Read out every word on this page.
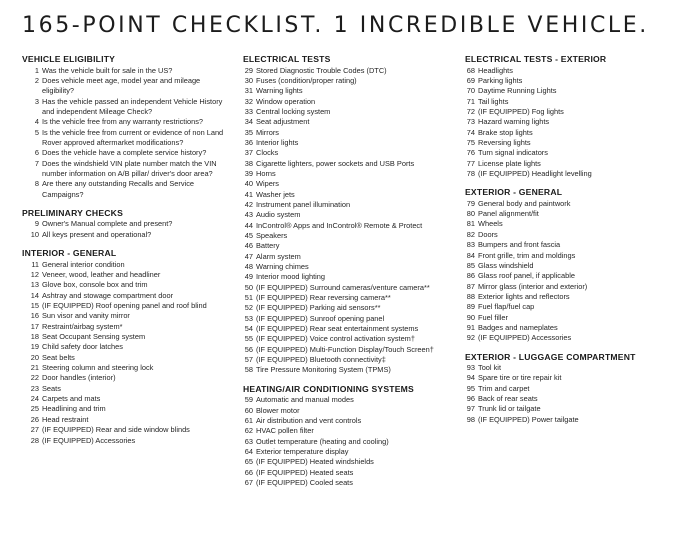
165-POINT CHECKLIST. 1 INCREDIBLE VEHICLE.
VEHICLE ELIGIBILITY
1 Was the vehicle built for sale in the US?
2 Does vehicle meet age, model year and mileage eligibility?
3 Has the vehicle passed an independent Vehicle History and independent Mileage Check?
4 Is the vehicle free from any warranty restrictions?
5 Is the vehicle free from current or evidence of non Land Rover approved aftermarket modifications?
6 Does the vehicle have a complete service history?
7 Does the windshield VIN plate number match the VIN number information on A/B pillar/ driver's door area?
8 Are there any outstanding Recalls and Service Campaigns?
PRELIMINARY CHECKS
9 Owner's Manual complete and present?
10 All keys present and operational?
INTERIOR - GENERAL
11 General interior condition
12 Veneer, wood, leather and headliner
13 Glove box, console box and trim
14 Ashtray and stowage compartment door
15 (IF EQUIPPED) Roof opening panel and roof blind
16 Sun visor and vanity mirror
17 Restraint/airbag system*
18 Seat Occupant Sensing system
19 Child safety door latches
20 Seat belts
21 Steering column and steering lock
22 Door handles (interior)
23 Seats
24 Carpets and mats
25 Headlining and trim
26 Head restraint
27 (IF EQUIPPED) Rear and side window blinds
28 (IF EQUIPPED) Accessories
ELECTRICAL TESTS
29 Stored Diagnostic Trouble Codes (DTC)
30 Fuses (condition/proper rating)
31 Warning lights
32 Window operation
33 Central locking system
34 Seat adjustment
35 Mirrors
36 Interior lights
37 Clocks
38 Cigarette lighters, power sockets and USB Ports
39 Horns
40 Wipers
41 Washer jets
42 Instrument panel illumination
43 Audio system
44 InControl® Apps and InControl® Remote & Protect
45 Speakers
46 Battery
47 Alarm system
48 Warning chimes
49 Interior mood lighting
50 (IF EQUIPPED) Surround cameras/venture camera**
51 (IF EQUIPPED) Rear reversing camera**
52 (IF EQUIPPED) Parking aid sensors**
53 (IF EQUIPPED) Sunroof opening panel
54 (IF EQUIPPED) Rear seat entertainment systems
55 (IF EQUIPPED) Voice control activation system†
56 (IF EQUIPPED) Multi-Function Display/Touch Screen†
57 (IF EQUIPPED) Bluetooth connectivity‡
58 Tire Pressure Monitoring System (TPMS)
HEATING/AIR CONDITIONING SYSTEMS
59 Automatic and manual modes
60 Blower motor
61 Air distribution and vent controls
62 HVAC pollen filter
63 Outlet temperature (heating and cooling)
64 Exterior temperature display
65 (IF EQUIPPED) Heated windshields
66 (IF EQUIPPED) Heated seats
67 (IF EQUIPPED) Cooled seats
ELECTRICAL TESTS - EXTERIOR
68 Headlights
69 Parking lights
70 Daytime Running Lights
71 Tail lights
72 (IF EQUIPPED) Fog lights
73 Hazard warning lights
74 Brake stop lights
75 Reversing lights
76 Turn signal indicators
77 License plate lights
78 (IF EQUIPPED) Headlight levelling
EXTERIOR - GENERAL
79 General body and paintwork
80 Panel alignment/fit
81 Wheels
82 Doors
83 Bumpers and front fascia
84 Front grille, trim and moldings
85 Glass windshield
86 Glass roof panel, if applicable
87 Mirror glass (interior and exterior)
88 Exterior lights and reflectors
89 Fuel flap/fuel cap
90 Fuel filler
91 Badges and nameplates
92 (IF EQUIPPED) Accessories
EXTERIOR - LUGGAGE COMPARTMENT
93 Tool kit
94 Spare tire or tire repair kit
95 Trim and carpet
96 Back of rear seats
97 Trunk lid or tailgate
98 (IF EQUIPPED) Power tailgate
